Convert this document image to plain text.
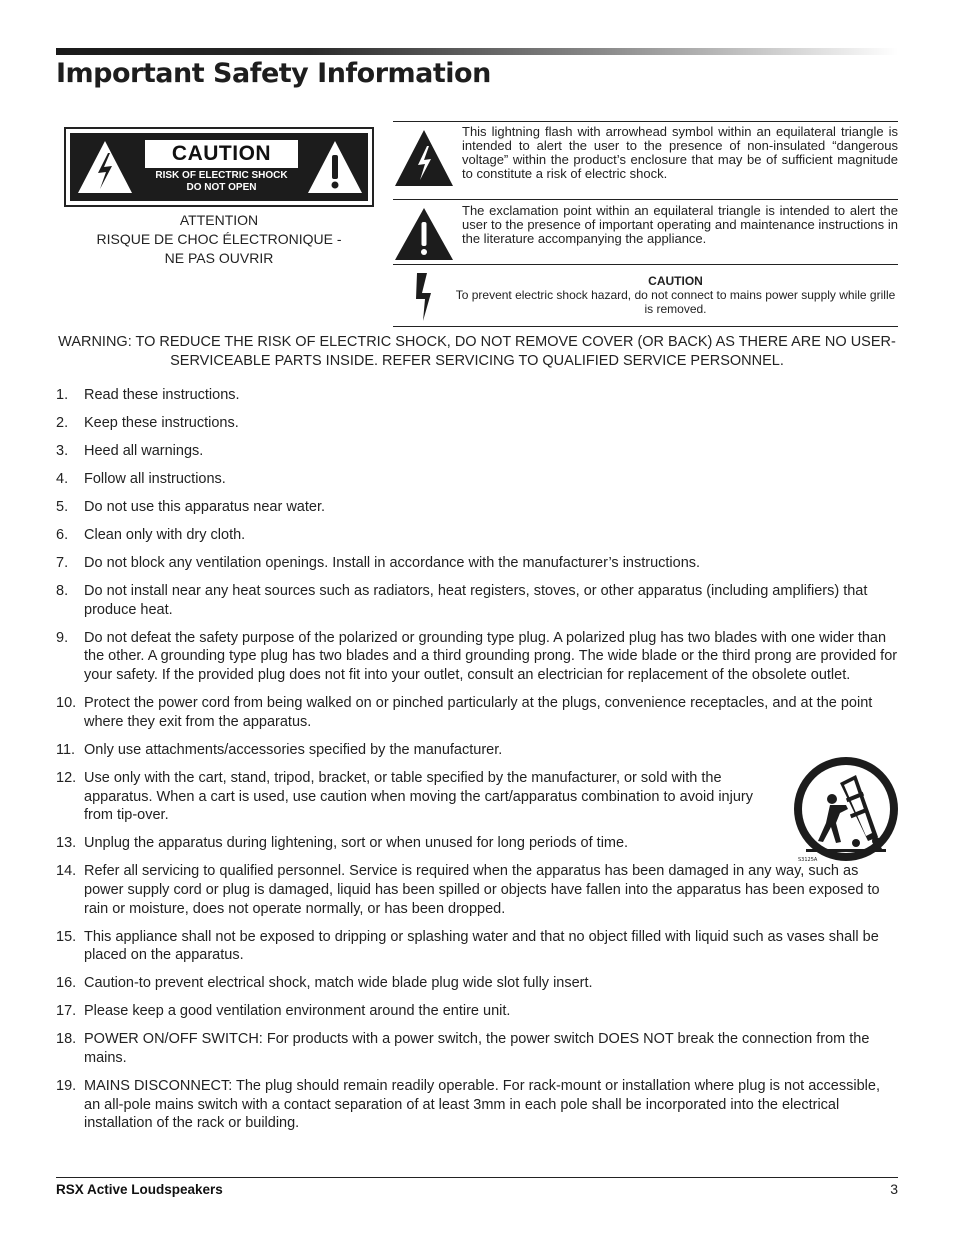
Important Safety Information
CAUTION
RISK OF ELECTRIC SHOCK
DO NOT OPEN
ATTENTION
RISQUE DE CHOC ÉLECTRONIQUE -
NE PAS OUVRIR
This lightning flash with arrowhead symbol within an equilateral triangle is intended to alert the user to the presence of non-insulated “dangerous voltage” within the product’s enclosure that may be of sufficient magnitude to constitute a risk of electric shock.
The exclamation point within an equilateral triangle is intended to alert the user to the presence of important operating and maintenance instructions in the literature accompanying the appliance.
CAUTION
To prevent electric shock hazard, do not connect to mains power supply while grille is removed.
WARNING: TO REDUCE THE RISK OF ELECTRIC SHOCK, DO NOT REMOVE COVER (OR BACK) AS THERE ARE NO USER-SERVICEABLE PARTS INSIDE. REFER SERVICING TO QUALIFIED SERVICE PERSONNEL.
1. Read these instructions.
2. Keep these instructions.
3. Heed all warnings.
4. Follow all instructions.
5. Do not use this apparatus near water.
6. Clean only with dry cloth.
7. Do not block any ventilation openings. Install in accordance with the manufacturer’s instructions.
8. Do not install near any heat sources such as radiators, heat registers, stoves, or other apparatus (including amplifiers) that produce heat.
9. Do not defeat the safety purpose of the polarized or grounding type plug. A polarized plug has two blades with one wider than the other. A grounding type plug has two blades and a third grounding prong. The wide blade or the third prong are provided for your safety. If the provided plug does not fit into your outlet, consult an electrician for replacement of the obsolete outlet.
10. Protect the power cord from being walked on or pinched particularly at the plugs, convenience receptacles, and at the point where they exit from the apparatus.
11. Only use attachments/accessories specified by the manufacturer.
12. Use only with the cart, stand, tripod, bracket, or table specified by the manufacturer, or sold with the apparatus. When a cart is used, use caution when moving the cart/apparatus combination to avoid injury from tip-over.
13. Unplug the apparatus during lightening, sort or when unused for long periods of time.
14. Refer all servicing to qualified personnel. Service is required when the apparatus has been damaged in any way, such as power supply cord or plug is damaged, liquid has been spilled or objects have fallen into the apparatus has been exposed to rain or moisture, does not operate normally, or has been dropped.
15. This appliance shall not be exposed to dripping or splashing water and that no object filled with liquid such as vases shall be placed on the apparatus.
16. Caution-to prevent electrical shock, match wide blade plug wide slot fully insert.
17. Please keep a good ventilation environment around the entire unit.
18. POWER ON/OFF SWITCH: For products with a power switch, the power switch DOES NOT break the connection from the mains.
19. MAINS DISCONNECT: The plug should remain readily operable. For rack-mount or installation where plug is not accessible, an all-pole mains switch with a contact separation of at least 3mm in each pole shall be incorporated into the electrical installation of the rack or building.
S3125A
RSX Active Loudspeakers	3
